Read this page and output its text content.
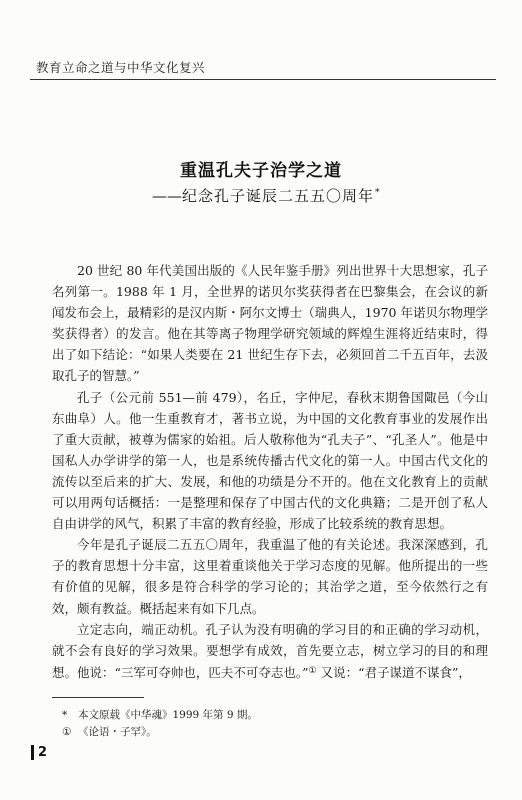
教育立命之道与中华文化复兴
重温孔夫子治学之道
——纪念孔子诞辰二五五〇周年*

20 世纪 80 年代美国出版的《人民年鉴手册》列出世界十大思想家，孔子名列第一。1988 年 1 月，全世界的诺贝尔奖获得者在巴黎集会，在会议的新闻发布会上，最精彩的是汉内斯・阿尔文博士（瑞典人，1970 年诺贝尔物理学奖获得者）的发言。他在其等离子物理学研究领域的辉煌生涯将近结束时，得出了如下结论：“如果人类要在 21 世纪生存下去，必须回首二千五百年，去汲取孔子的智慧。”

孔子（公元前 551—前 479），名丘，字仲尼，春秋末期鲁国陬邑（今山东曲阜）人。他一生重教育才，著书立说，为中国的文化教育事业的发展作出了重大贡献，被尊为儒家的始祖。后人敬称他为“孔夫子”、“孔圣人”。他是中国私人办学讲学的第一人，也是系统传播古代文化的第一人。中国古代文化的流传以至后来的扩大、发展，和他的功绩是分不开的。他在文化教育上的贡献可以用两句话概括：一是整理和保存了中国古代的文化典籍；二是开创了私人自由讲学的风气，积累了丰富的教育经验，形成了比较系统的教育思想。

今年是孔子诞辰二五五〇周年，我重温了他的有关论述。我深深感到，孔子的教育思想十分丰富，这里着重谈他关于学习态度的见解。他所提出的一些有价值的见解，很多是符合科学的学习论的；其治学之道，至今依然行之有效，颇有教益。概括起来有如下几点。

立定志向，端正动机。孔子认为没有明确的学习目的和正确的学习动机，就不会有良好的学习效果。要想学有成效，首先要立志，树立学习的目的和理想。他说：“三军可夺帅也，匹夫不可夺志也。”① 又说：“君子谋道不谋食”，

* 本文原载《中华魂》1999 年第 9 期。
① 《论语・子罕》。
2
